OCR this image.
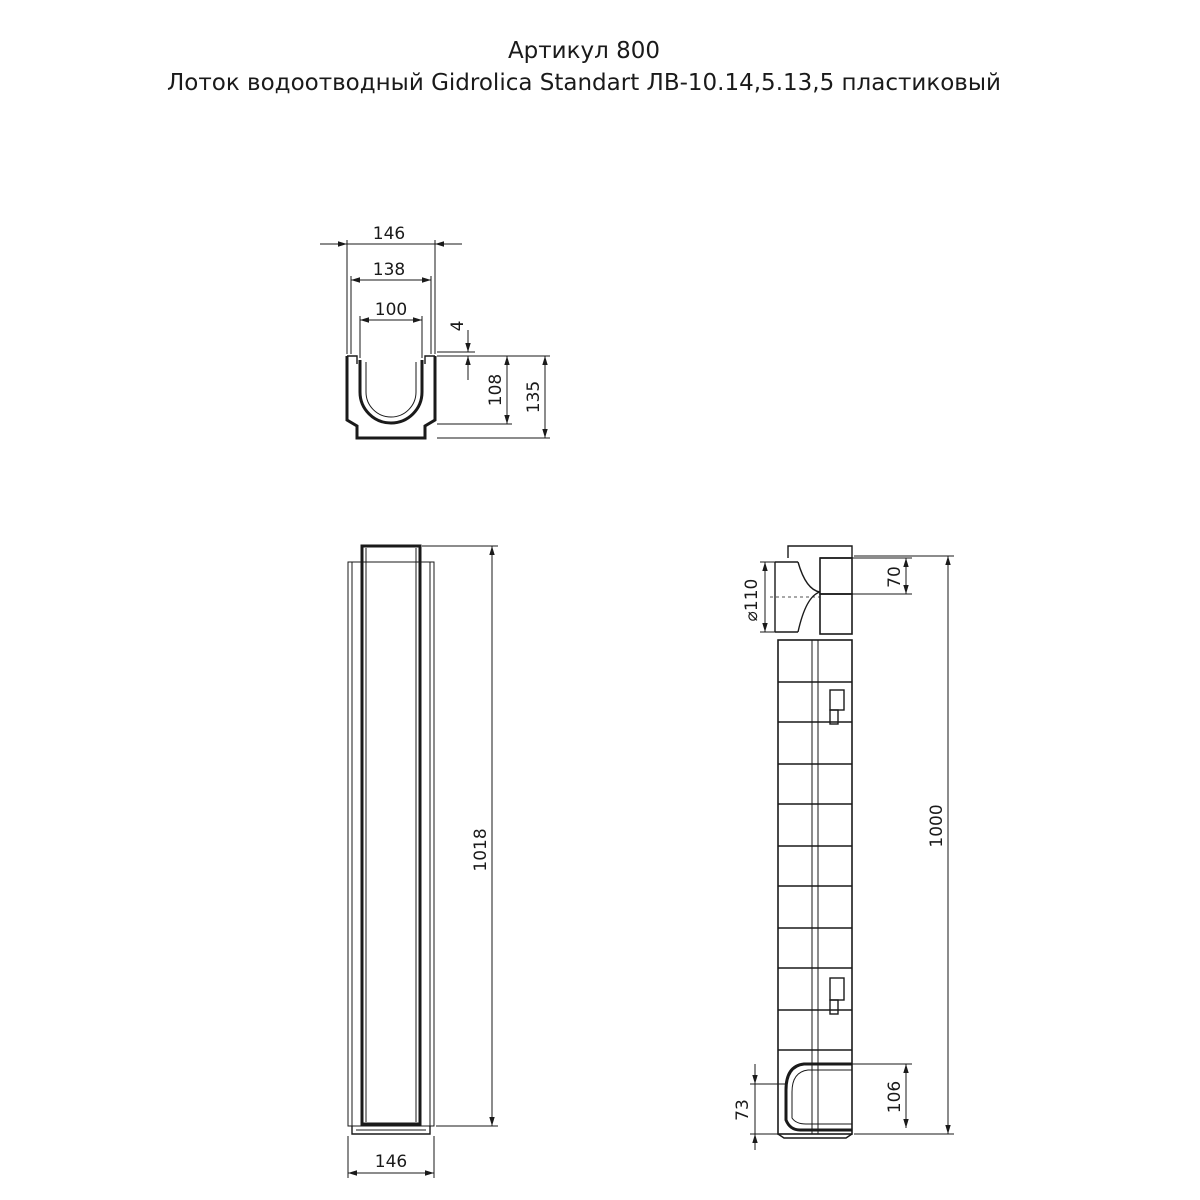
Артикул 800
Лоток водоотводный Gidrolica Standart ЛВ-10.14,5.13,5 пластиковый
146
138
100
4
108 135
1018
146
⌀110
70
1000
106
73
